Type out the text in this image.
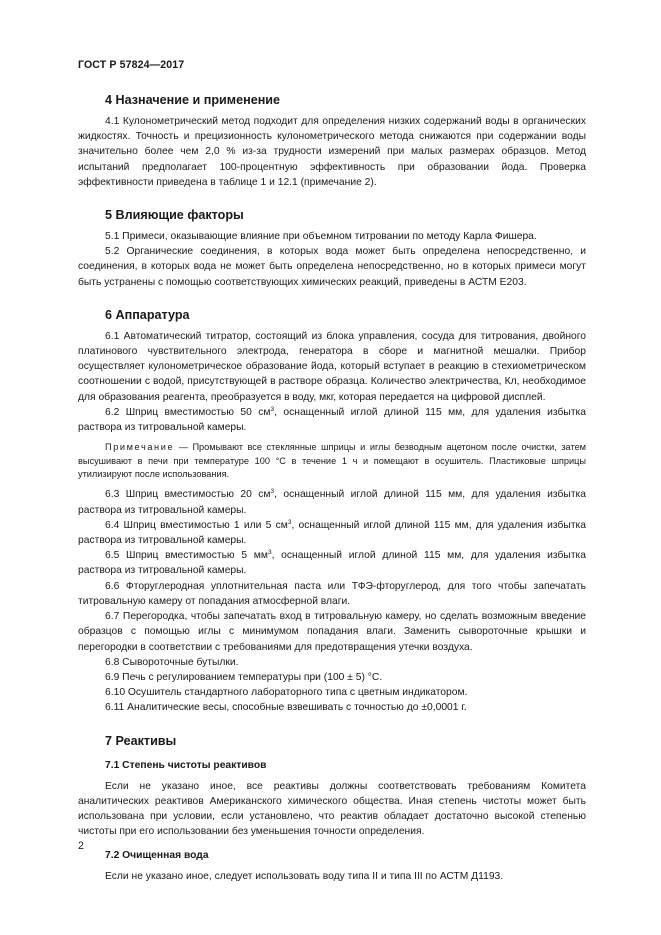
ГОСТ Р 57824—2017
4 Назначение и применение

4.1 Кулонометрический метод подходит для определения низких содержаний воды в органических жидкостях. Точность и прецизионность кулонометрического метода снижаются при содержании воды значительно более чем 2,0 % из-за трудности измерений при малых размерах образцов. Метод испытаний предполагает 100-процентную эффективность при образовании йода. Проверка эффективности приведена в таблице 1 и 12.1 (примечание 2).

5 Влияющие факторы

5.1 Примеси, оказывающие влияние при объемном титровании по методу Карла Фишера.

5.2 Органические соединения, в которых вода может быть определена непосредственно, и соединения, в которых вода не может быть определена непосредственно, но в которых примеси могут быть устранены с помощью соответствующих химических реакций, приведены в АСТМ Е203.

6 Аппаратура

6.1 Автоматический титратор, состоящий из блока управления, сосуда для титрования, двойного платинового чувствительного электрода, генератора в сборе и магнитной мешалки. Прибор осуществляет кулонометрическое образование йода, который вступает в реакцию в стехиометрическом соотношении с водой, присутствующей в растворе образца. Количество электричества, Кл, необходимое для образования реагента, преобразуется в воду, мкг, которая передается на цифровой дисплей.

6.2 Шприц вместимостью 50 $см^3$, оснащенный иглой длиной 115 мм, для удаления избытка раствора из титровальной камеры.

Примечание — Промывают все стеклянные шприцы и иглы безводным ацетоном после очистки, затем высушивают в печи при температуре 100 °С в течение 1 ч и помещают в осушитель. Пластиковые шприцы утилизируют после использования.

6.3 Шприц вместимостью 20 $см^3$, оснащенный иглой длиной 115 мм, для удаления избытка раствора из титровальной камеры.

6.4 Шприц вместимостью 1 или 5 $см^3$, оснащенный иглой длиной 115 мм, для удаления избытка раствора из титровальной камеры.

6.5 Шприц вместимостью 5 $мм^3$, оснащенный иглой длиной 115 мм, для удаления избытка раствора из титровальной камеры.

6.6 Фторуглеродная уплотнительная паста или ТФЭ-фторуглерод, для того чтобы запечатать титровальную камеру от попадания атмосферной влаги.

6.7 Перегородка, чтобы запечатать вход в титровальную камеру, но сделать возможным введение образцов с помощью иглы с минимумом попадания влаги. Заменить сывороточные крышки и перегородки в соответствии с требованиями для предотвращения утечки воздуха.

6.8 Сывороточные бутылки.

6.9 Печь с регулированием температуры при (100 ± 5) °С.

6.10 Осушитель стандартного лабораторного типа с цветным индикатором.

6.11 Аналитические весы, способные взвешивать с точностью до ±0,0001 г.

7 Реактивы
7.1 Степень чистоты реактивов

Если не указано иное, все реактивы должны соответствовать требованиям Комитета аналитических реактивов Американского химического общества. Иная степень чистоты может быть использована при условии, если установлено, что реактив обладает достаточно высокой степенью чистоты при его использовании без уменьшения точности определения.

7.2 Очищенная вода

Если не указано иное, следует использовать воду типа II и типа III по АСТМ Д1193.

2
